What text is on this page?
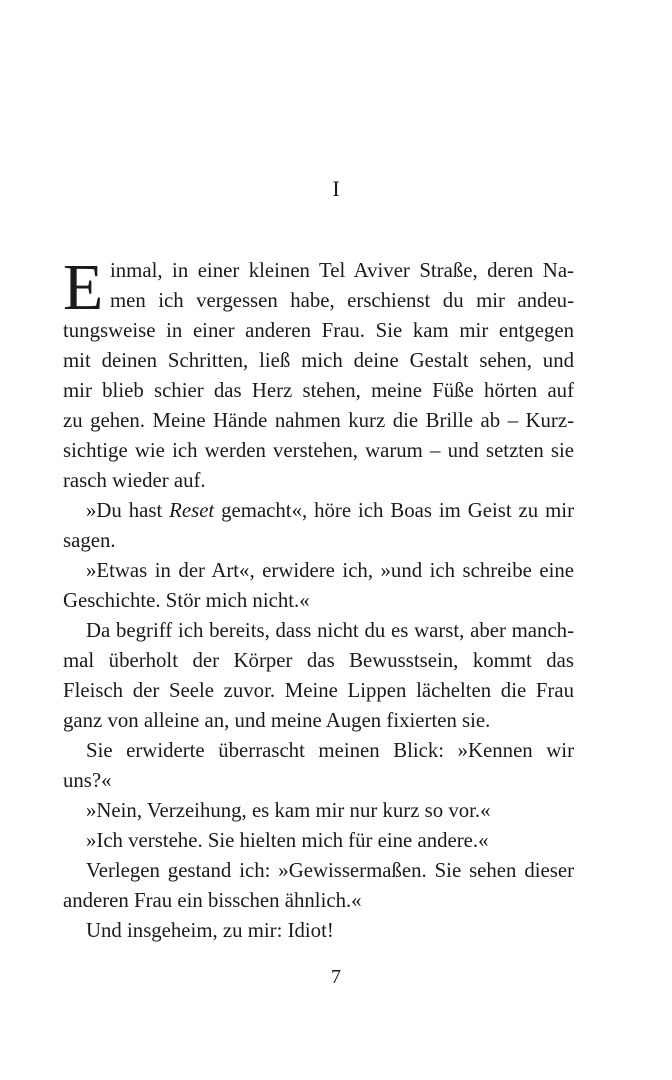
I
E inmal, in einer kleinen Tel Aviver Straße, deren Na-
men ich vergessen habe, erschienst du mir andeu-
tungsweise in einer anderen Frau. Sie kam mir entgegen
mit deinen Schritten, ließ mich deine Gestalt sehen, und
mir blieb schier das Herz stehen, meine Füße hörten auf
zu gehen. Meine Hände nahmen kurz die Brille ab – Kurz-
sichtige wie ich werden verstehen, warum – und setzten sie
rasch wieder auf.
»Du hast Reset gemacht«, höre ich Boas im Geist zu mir
sagen.
»Etwas in der Art«, erwidere ich, »und ich schreibe eine
Geschichte. Stör mich nicht.«
Da begriff ich bereits, dass nicht du es warst, aber manch-
mal überholt der Körper das Bewusstsein, kommt das
Fleisch der Seele zuvor. Meine Lippen lächelten die Frau
ganz von alleine an, und meine Augen fixierten sie.
Sie erwiderte überrascht meinen Blick: »Kennen wir
uns?«
»Nein, Verzeihung, es kam mir nur kurz so vor.«
»Ich verstehe. Sie hielten mich für eine andere.«
Verlegen gestand ich: »Gewissermaßen. Sie sehen dieser
anderen Frau ein bisschen ähnlich.«
Und insgeheim, zu mir: Idiot!
7
